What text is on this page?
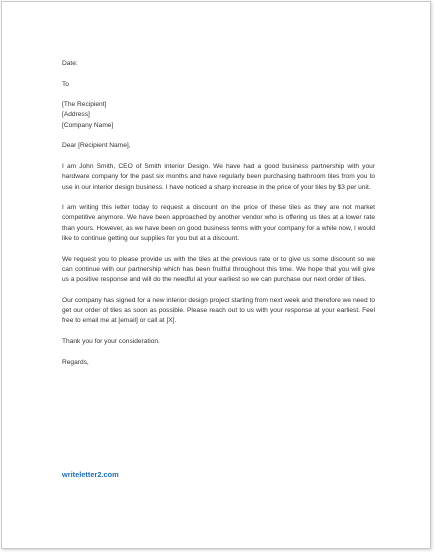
Date:

To

[The Recipient]

[Address]

[Company Name]

Dear [Recipient Name],

I am John Smith, CEO of Smith interior Design. We have had a good business partnership with your hardware company for the past six months and have regularly been purchasing bathroom tiles from you to use in our interior design business. I have noticed a sharp increase in the price of your tiles by $3 per unit.

I am writing this letter today to request a discount on the price of these tiles as they are not market competitive anymore. We have been approached by another vendor who is offering us tiles at a lower rate than yours. However, as we have been on good business terms with your company for a while now, I would like to continue getting our supplies for you but at a discount.

We request you to please provide us with the tiles at the previous rate or to give us some discount so we can continue with our partnership which has been fruitful throughout this time. We hope that you will give us a positive response and will do the needful at your earliest so we can purchase our next order of tiles.

Our company has signed for a new interior design project starting from next week and therefore we need to get our order of tiles as soon as possible. Please reach out to us with your response at your earliest. Feel free to email me at [email] or call at [X].

Thank you for your consideration.

Regards,

writeletter2.com
